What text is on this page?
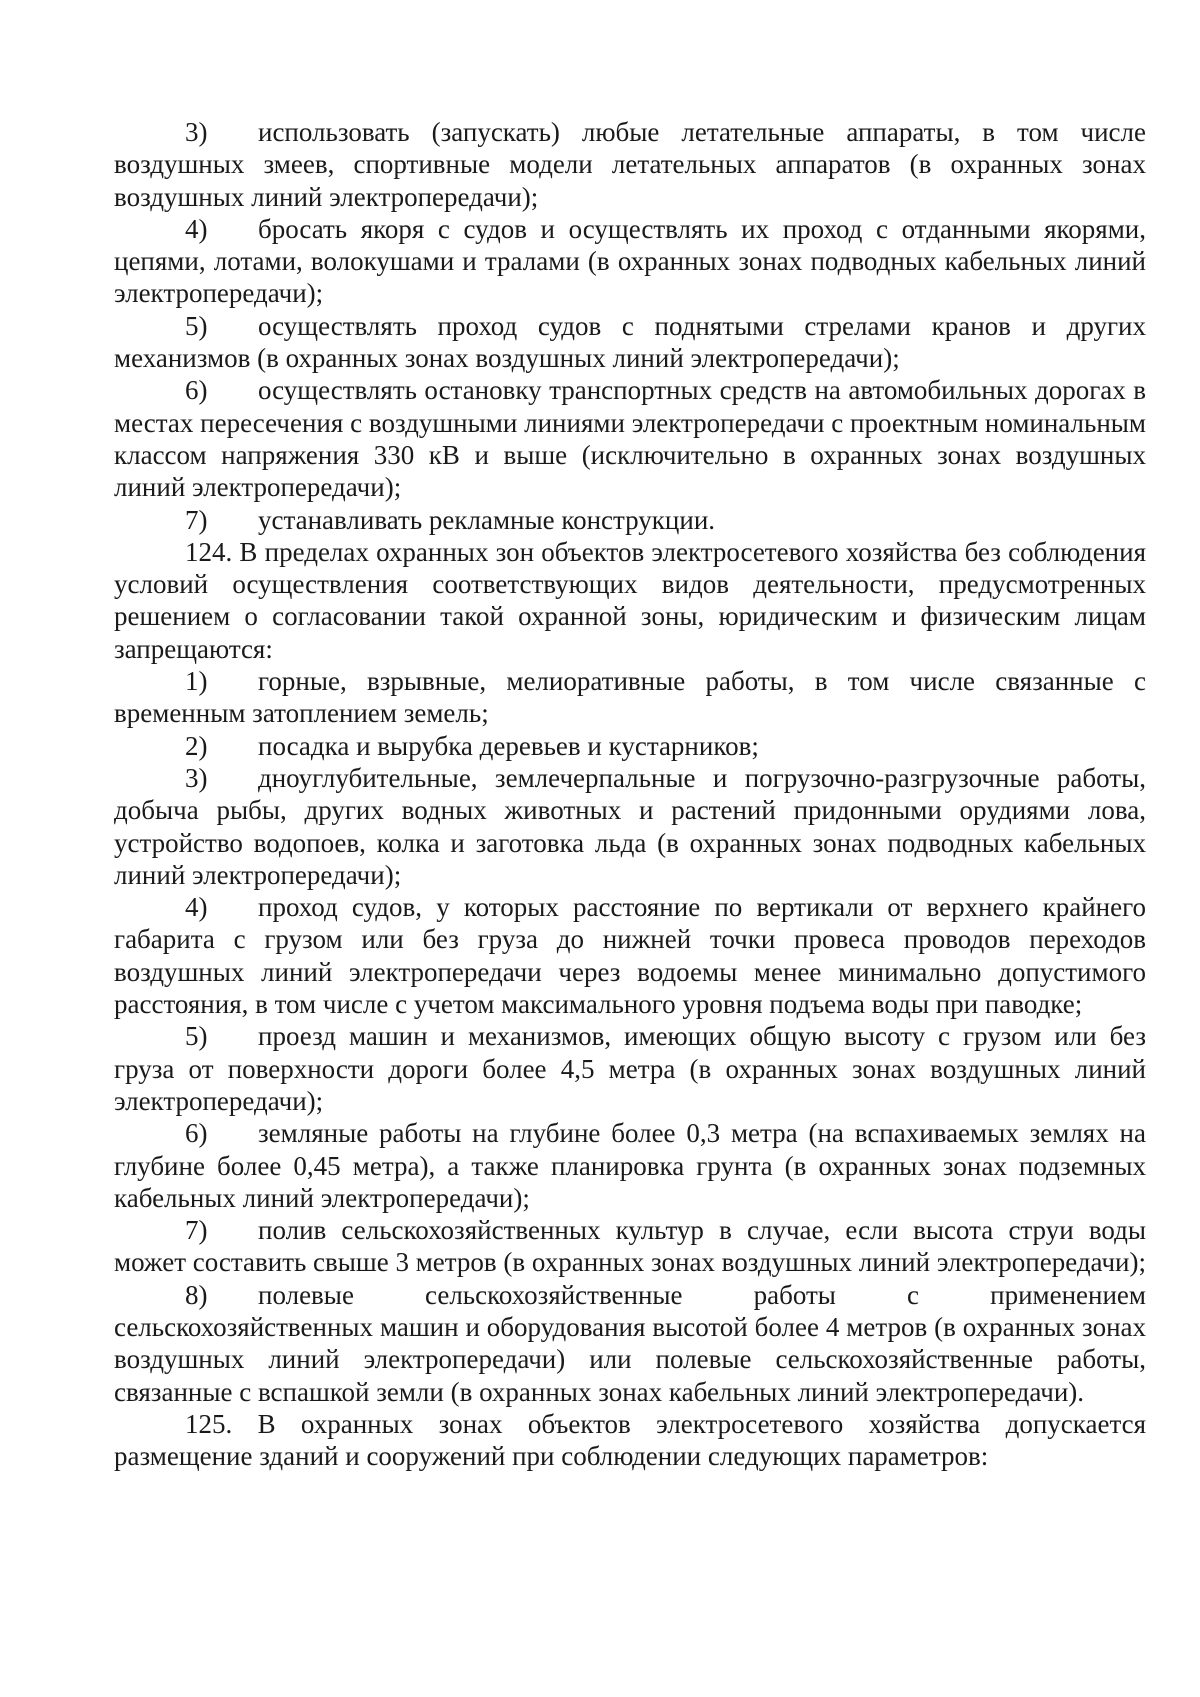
3) использовать (запускать) любые летательные аппараты, в том числе воздушных змеев, спортивные модели летательных аппаратов (в охранных зонах воздушных линий электропередачи);

4) бросать якоря с судов и осуществлять их проход с отданными якорями, цепями, лотами, волокушами и тралами (в охранных зонах подводных кабельных линий электропередачи);

5) осуществлять проход судов с поднятыми стрелами кранов и других механизмов (в охранных зонах воздушных линий электропередачи);

6) осуществлять остановку транспортных средств на автомобильных дорогах в местах пересечения с воздушными линиями электропередачи с проектным номинальным классом напряжения 330 кВ и выше (исключительно в охранных зонах воздушных линий электропередачи);

7) устанавливать рекламные конструкции.

124. В пределах охранных зон объектов электросетевого хозяйства без соблюдения условий осуществления соответствующих видов деятельности, предусмотренных решением о согласовании такой охранной зоны, юридическим и физическим лицам запрещаются:

1) горные, взрывные, мелиоративные работы, в том числе связанные с временным затоплением земель;

2) посадка и вырубка деревьев и кустарников;

3) дноуглубительные, землечерпальные и погрузочно-разгрузочные работы, добыча рыбы, других водных животных и растений придонными орудиями лова, устройство водопоев, колка и заготовка льда (в охранных зонах подводных кабельных линий электропередачи);

4) проход судов, у которых расстояние по вертикали от верхнего крайнего габарита с грузом или без груза до нижней точки провеса проводов переходов воздушных линий электропередачи через водоемы менее минимально допустимого расстояния, в том числе с учетом максимального уровня подъема воды при паводке;

5) проезд машин и механизмов, имеющих общую высоту с грузом или без груза от поверхности дороги более 4,5 метра (в охранных зонах воздушных линий электропередачи);

6) земляные работы на глубине более 0,3 метра (на вспахиваемых землях на глубине более 0,45 метра), а также планировка грунта (в охранных зонах подземных кабельных линий электропередачи);

7) полив сельскохозяйственных культур в случае, если высота струи воды может составить свыше 3 метров (в охранных зонах воздушных линий электропередачи);

8) полевые сельскохозяйственные работы с применением сельскохозяйственных машин и оборудования высотой более 4 метров (в охранных зонах воздушных линий электропередачи) или полевые сельскохозяйственные работы, связанные с вспашкой земли (в охранных зонах кабельных линий электропередачи).

125. В охранных зонах объектов электросетевого хозяйства допускается размещение зданий и сооружений при соблюдении следующих параметров:
